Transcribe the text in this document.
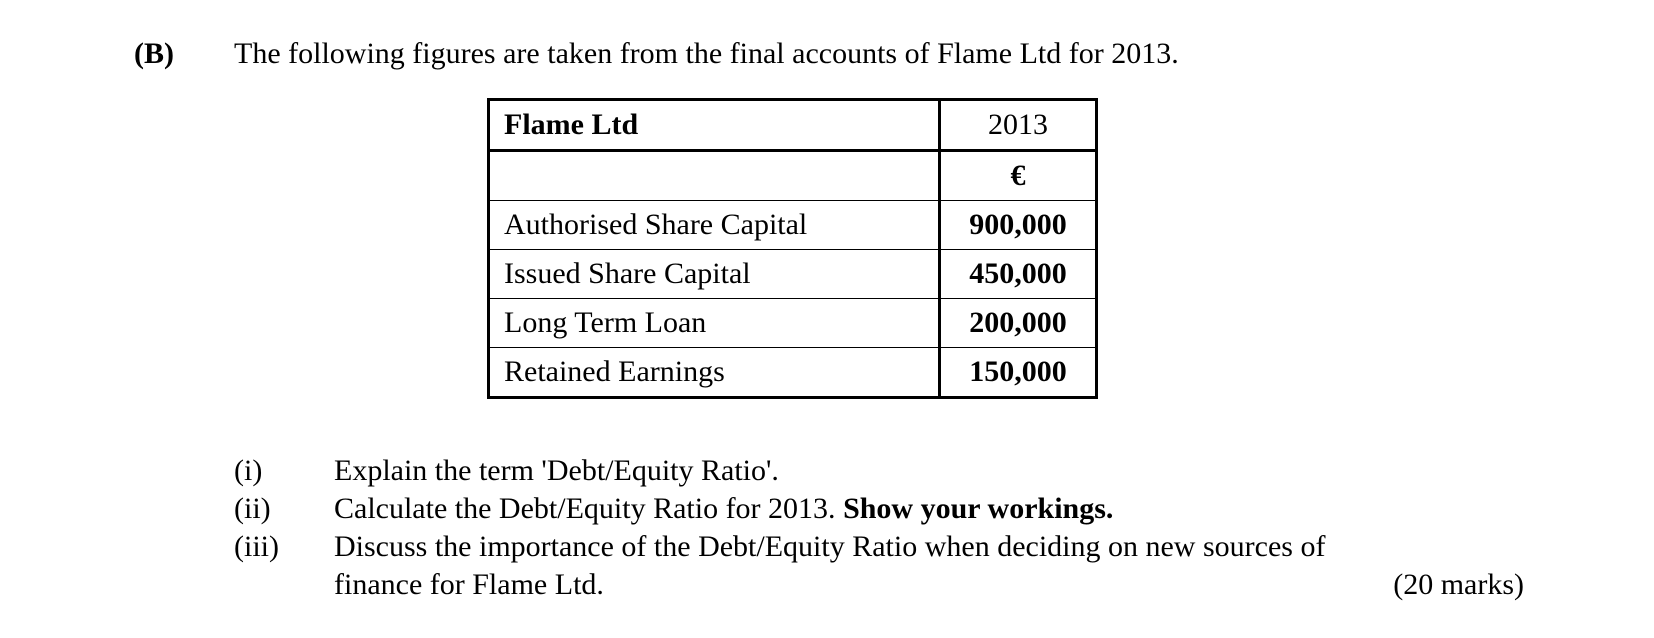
(B) The following figures are taken from the final accounts of Flame Ltd for 2013.
Flame Ltd	2013
	€
Authorised Share Capital	900,000
Issued Share Capital	450,000
Long Term Loan	200,000
Retained Earnings	150,000
(i)	Explain the term 'Debt/Equity Ratio'.
(ii)	Calculate the Debt/Equity Ratio for 2013. Show your workings.
(iii)	Discuss the importance of the Debt/Equity Ratio when deciding on new sources of
finance for Flame Ltd.	(20 marks)
